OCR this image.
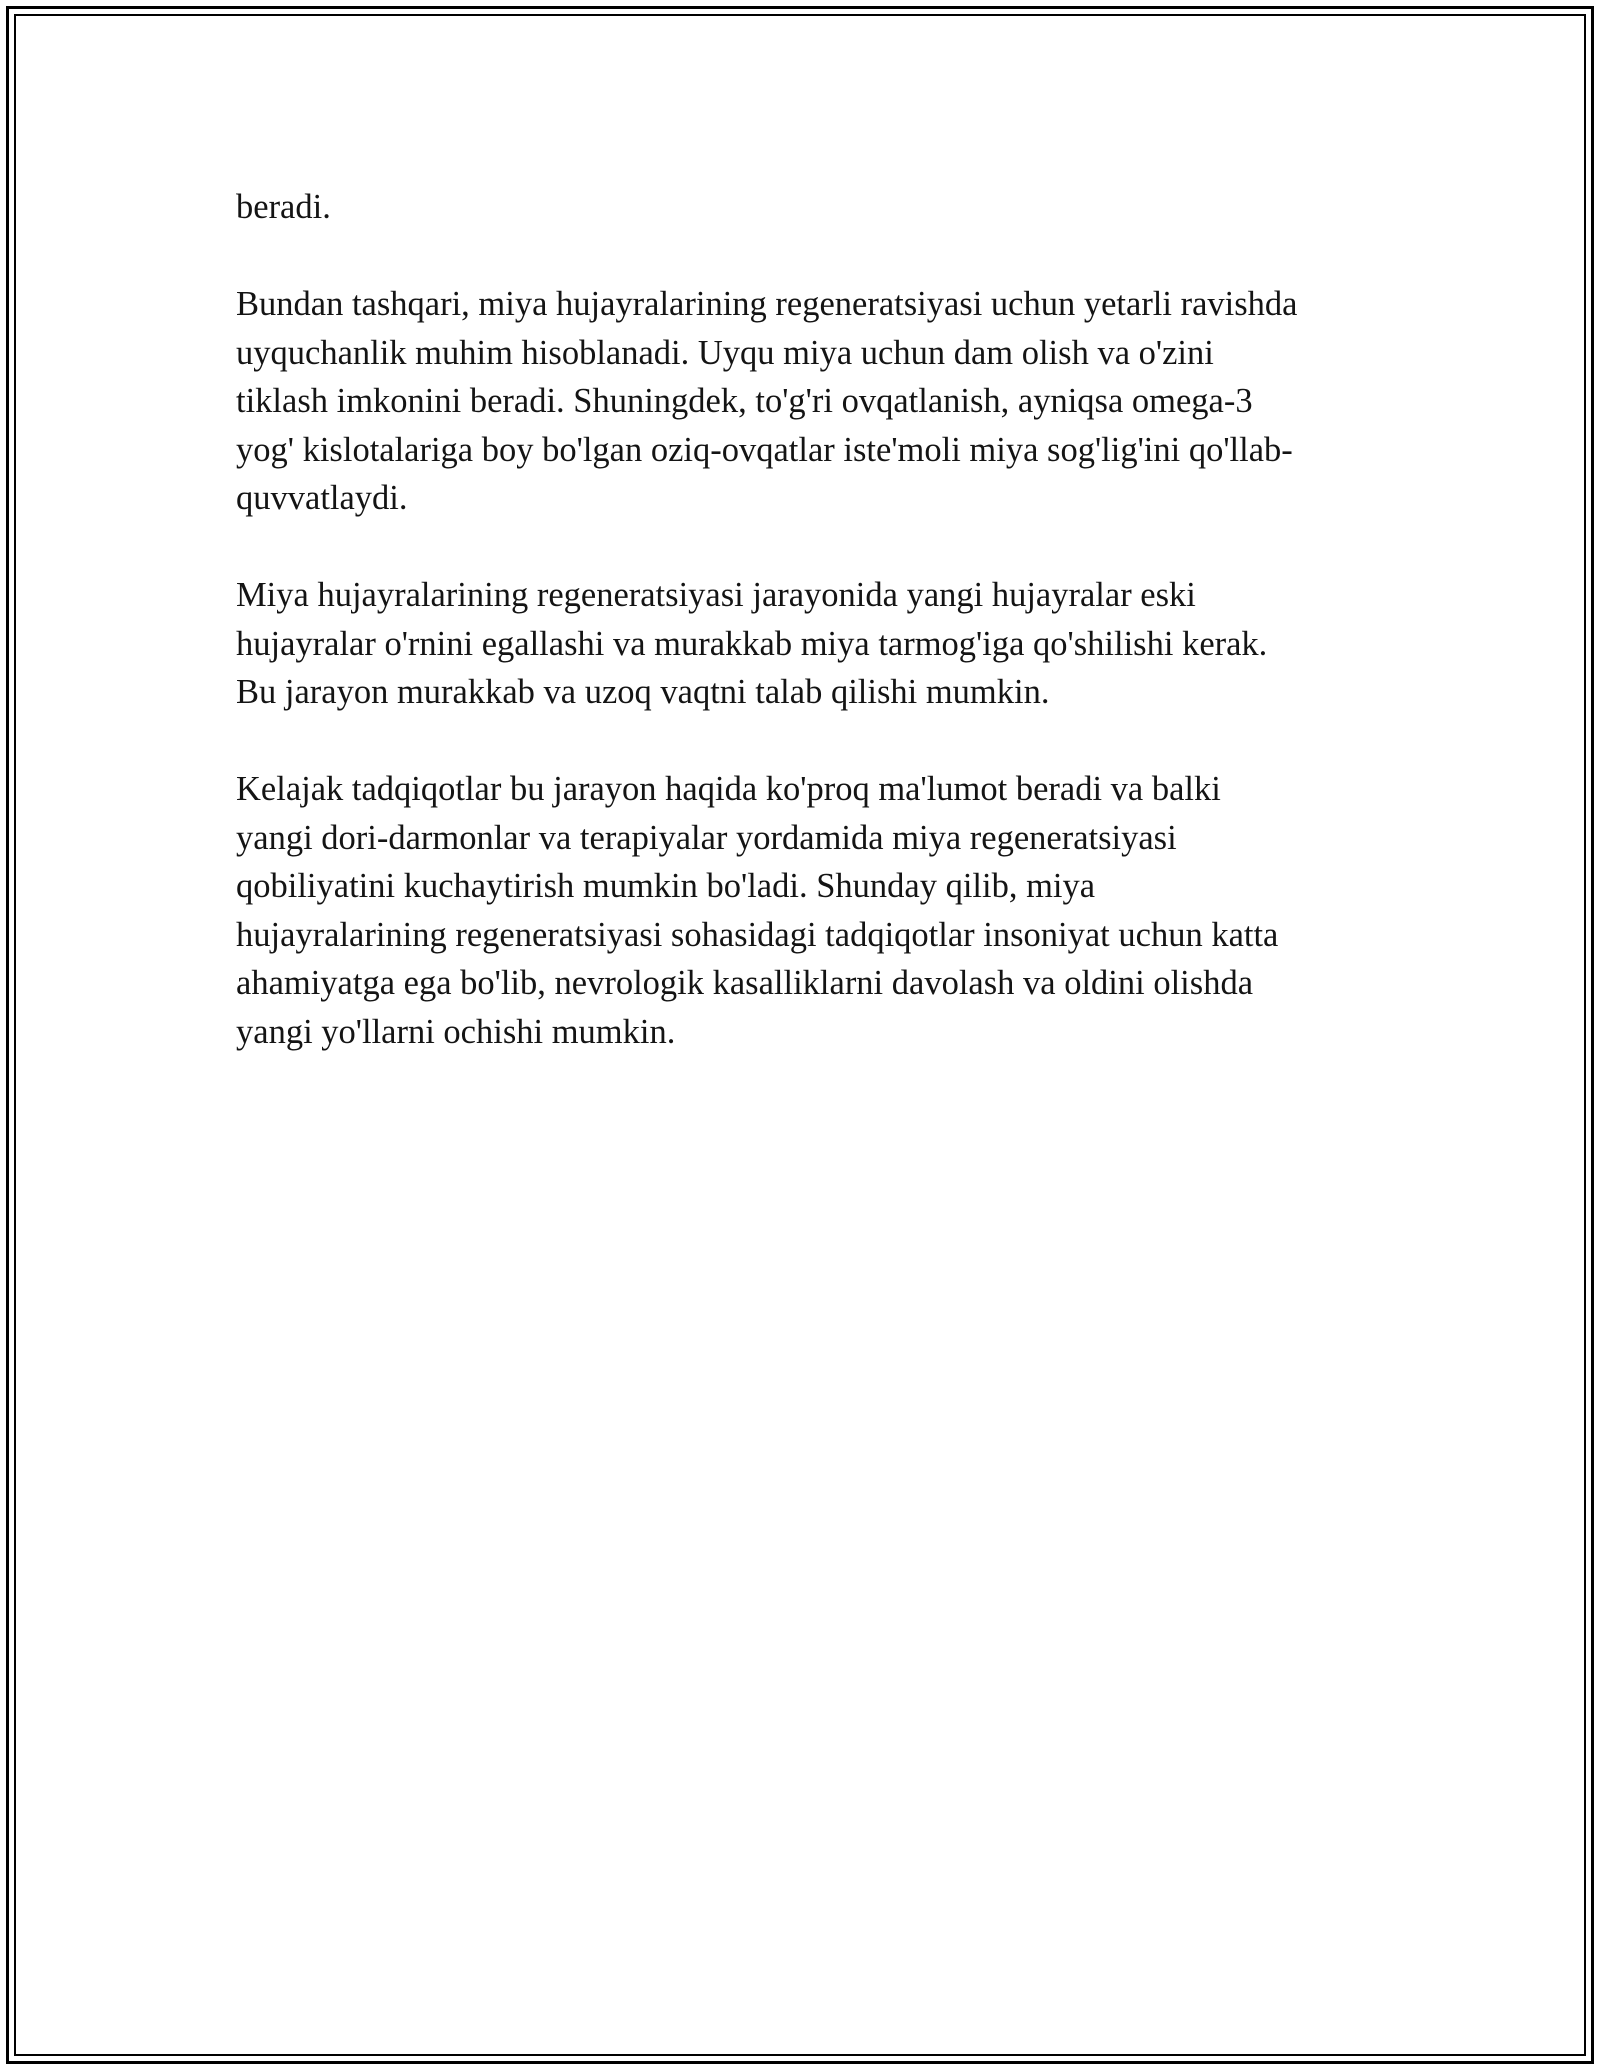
beradi.

Bundan tashqari, miya hujayralarining regeneratsiyasi uchun yetarli ravishda
uyquchanlik muhim hisoblanadi. Uyqu miya uchun dam olish va o'zini
tiklash imkonini beradi. Shuningdek, to'g'ri ovqatlanish, ayniqsa omega-3
yog' kislotalariga boy bo'lgan oziq-ovqatlar iste'moli miya sog'lig'ini qo'llab-
quvvatlaydi.

Miya hujayralarining regeneratsiyasi jarayonida yangi hujayralar eski
hujayralar o'rnini egallashi va murakkab miya tarmog'iga qo'shilishi kerak.
Bu jarayon murakkab va uzoq vaqtni talab qilishi mumkin.

Kelajak tadqiqotlar bu jarayon haqida ko'proq ma'lumot beradi va balki
yangi dori-darmonlar va terapiyalar yordamida miya regeneratsiyasi
qobiliyatini kuchaytirish mumkin bo'ladi. Shunday qilib, miya
hujayralarining regeneratsiyasi sohasidagi tadqiqotlar insoniyat uchun katta
ahamiyatga ega bo'lib, nevrologik kasalliklarni davolash va oldini olishda
yangi yo'llarni ochishi mumkin.
